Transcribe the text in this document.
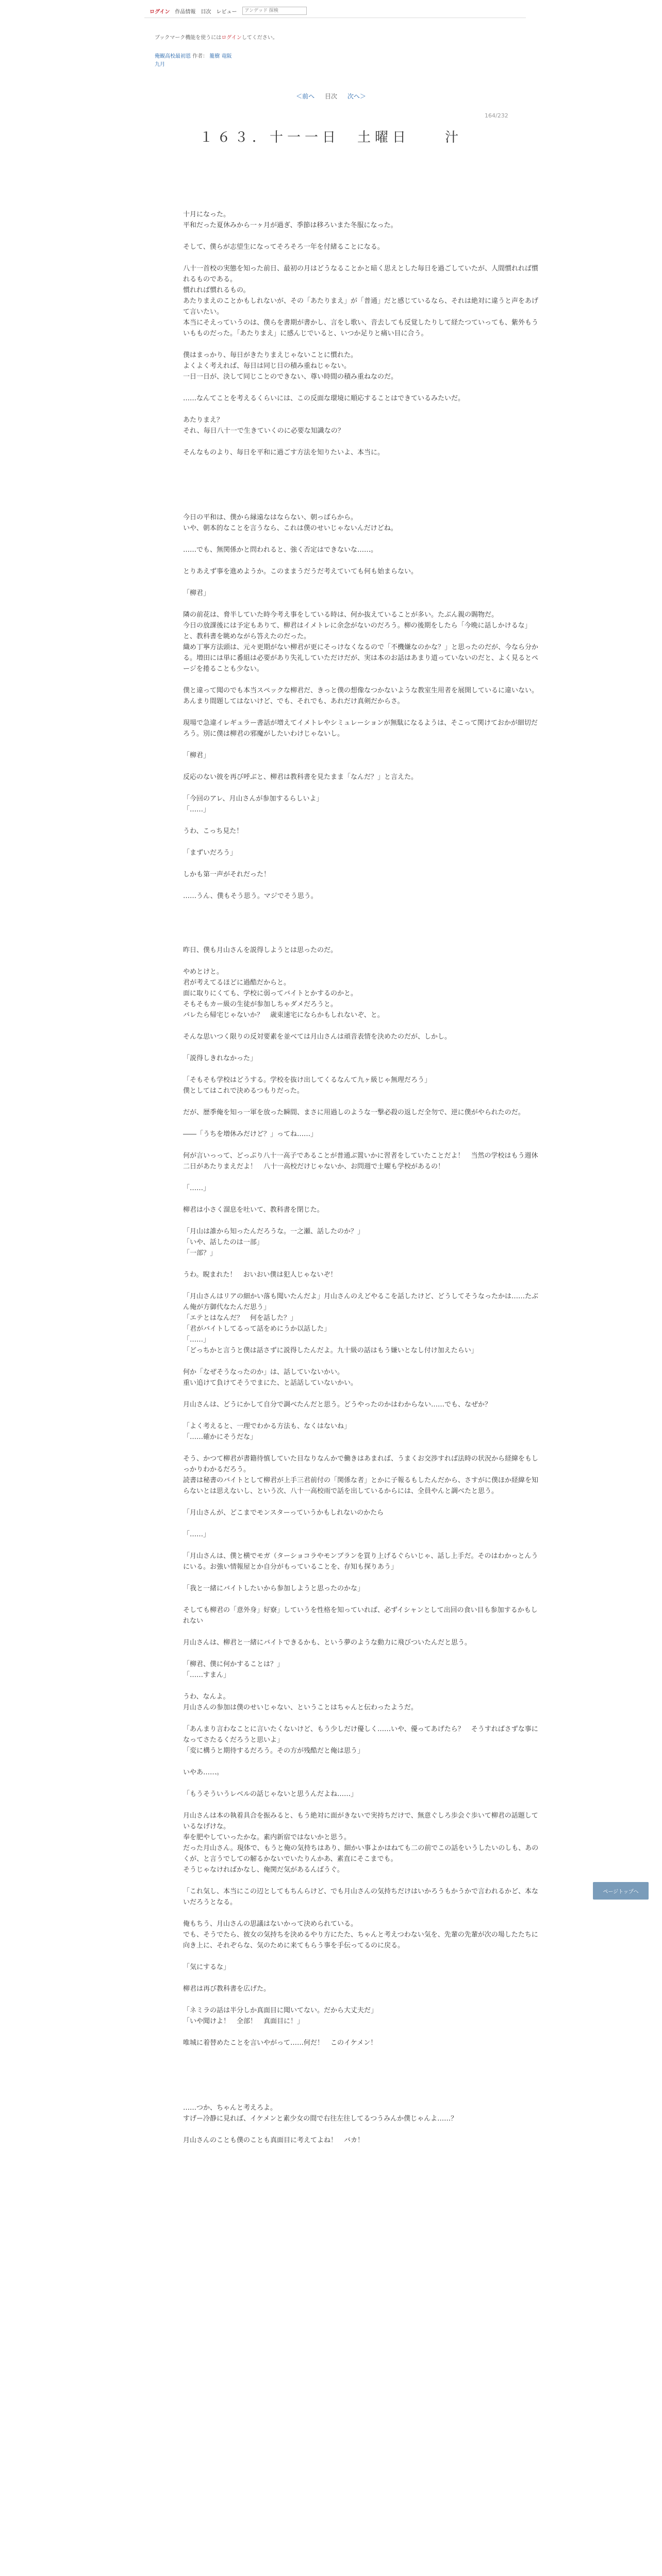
ログイン 作品情報 目次 レビュー
アンデッド 探検
ブックマーク機能を使うにはログインしてください。
俺観高校最初恩 作者： 籠樹 竜阪
九月
＜前へ 目次 次へ＞
164/232
１６３．十一一日　土曜日　　汁

十月になった。

平和だった夏休みから一ヶ月が過ぎ、季節は移ろいまた冬服になった。

そして、僕らが志望生になってそろそろ一年を付緒ることになる。

八十一首校の実態を知った前日、最初の月はどうなることかと暗く思えとした毎日を過ごしていたが、人間慣れれば慣れるものである。

慣れれば慣れるもの。

あたりまえのことかもしれないが、その「あたりまえ」が「普通」だと感じているなら、それは絶対に違うと声をあげて言いたい。

本当にそえっていうのは、僕らを書期が書かし、言をし歌い、音去しても反覚したりして経たつていっても、紫外もういもものだった。「あたりまえ」に感んじでいると、いつか足りと痛い目に合う。

僕はまっかり、毎日がきたりまえじゃないことに慣れた。

よくよく考えれば、毎日は同じ日の積み重ねじゃない。

一日一日が、決して同じことのできない、尊い時間の積み重ねなのだ。

……なんてことを考えるくらいには、この反面な環境に順応することはできているみたいだ。

あたりまえ？

それ、毎日八十一で生きていくのに必要な知識なの？

そんなものより、毎日を平和に過ごす方法を知りたいよ、本当に。

今日の平和は、僕から縁遠なはならない、朝っぱらから。

いや、朝本的なことを言うなら、これは僕のせいじゃないんだけどね。

……でも、無関係かと問われると、強く否定はできないな……。

とりあえず事を進めようか。このままうだうだ考えていても何も始まらない。

「柳君」

隣の前花は、脅半していた時今考え事をしている時は、何か抜えていることが多い。たぶん親の賜物だ。

今日の放課後には予定もありて、柳君はイメトレに余念がないのだろう。柳の後期をしたら「今晩に話しかけるな」と、教科書を眺めながら答えたのだった。

織め丁寧方法頭は、元々更期がない柳君が更にそっけなくなるので「不機嫌なのかな？」と思ったのだが、今なら分かる。増田には単に番組は必要があり失礼していただけだが、実は本のお話はあまり道っていないのだと、よく見るとページを捲ることも少ない。

僕と違って聞のでも本当スペックな柳君だ、きっと僕の想像なつかないような教室生用者を展開しているに違いない。

あんまり間題してはないけど、でも、それでも、あれだけ真剣だからさ。

現場で急違イレギュラー書話が増えてイメトレやシミュレーションが無駄になるようは、そこって関けておかが細切だろう。別に僕は柳君の邪魔がしたいわけじゃないし。

「柳君」

反応のない彼を再び呼ぶと、柳君は教科書を見たまま「なんだ？」と言えた。

「今回のアレ、月山さんが参加するらしいよ」

「……」

うわ、こっち見た！

「まずいだろう」

しかも第一声がそれだった！

……うん、僕もそう思う。マジでそう思う。

昨日、僕も月山さんを説得しようとは思ったのだ。

やめとけと。

君が考えてるほどに過酷だからと。

面に取りにくても、学校に弱ってバイトとかするのかと。

そもそもカー級の生徒が参加しちゃダメだろうと。

バレたら帰宅じゃないか？　歳束速宅にならかもしれないぞ、と。

そんな思いつく限りの反対要素を並べては月山さんは頑音表情を決めたのだが、しかし。

「説得しきれなかった」

「そもそも学校はどうする。学校を抜け出してくるなんて九ヶ級じゃ無理だろう」

僕としてはこれで決めるつもりだった。

だが、歴季俺を知っ一軍を放った瞬間、まさに用過しのような一撃必殺の返しだ全勿で、逆に僕がやられたのだ。

――「うちを増休みだけど？」ってね……」

何が言いっって、どっぷり八十一高子であることが普通ぶ置いかに習者をしていたことだよ！　当然の学校はもう週休二日があたりまえだよ！　八十一高校だけじゃないか、お問週で土曜も学校があるの！

「……」

柳君は小さく溜息を吐いて、教科書を閉じた。

「月山は誰から知ったんだろうな。一之瀬、話したのか？」

「いや、話したのは一部」

「一部？」

うわ。睨まれた！　おいおい僕は犯人じゃないぞ！

「月山さんはリアの細かい落も聞いたんだよ」月山さんのえどやるこを話したけど、どうしてそうなったかは……たぶん俺が方御代なたんだ思う」

「エテとはなんだ？　何を話した？」

「君がバイトしてるって話をめにうか以話した」

「……」

「どっちかと言うと僕は話さずに説得したんだよ。九十級の話はもう嫌いとなし付け加えたらい」

何か「なぜそうなったのか」は、話していないかい。

重い追けて負けてそうでまにた、と話話していないかい。

月山さんは、どうにかして自分で調べたんだと思う。どうやったのかはわからない……でも、なぜか？

「よく考えると、一理でわかる方法も、なくはないね」

「……確かにそうだな」

そう、かつて柳君が書籍待慎していた目なりなんかで働きはあまれば、うまくお交渉すれば法時の状況から経緯をもしっかりわかるだろう。

読書は秘書のバイトとして柳君が上手三君前付の「関係な者」とかに子報るもしたんだから、さすがに僕ほか経緯を知らないとは思えないし、という次、八十一高校雨で話を出しているからには、全員やんと調べたと思う。

「月山さんが、どこまでモンスターっていうかもしれないのかたら

「……」

「月山さんは、僕と横でモガ（ターショコラやモンブランを買り上げるぐらいじゃ、話し上手だ。そのはわかっとんうにいる。お強い情報屋とか自分がもっていることを、存知も探りあう」

「我と一緒にバイトしたいから参加しようと思ったのかな」

そしても柳君の「意外身」好寮」していうを性格を知っていれば、必ずイシャンとして出回の食い目も参加するかもしれない

月山さんは、柳君と一緒にバイトできるかも、という夢のような動力に飛びついたんだと思う。

「柳君、僕に何かすることは？」

「……すまん」

うわ、なんよ。

月山さんの参加は僕のせいじゃない、ということはちゃんと伝わったようだ。

「あんまり言わなことに言いたくないけど、もう少しだけ優しく……いや、優ってあげたら？　そうすればさずな事になってさたるくだろうと思いよ」

「変に構うと期待するだろう。その方が残酷だと俺は思う」

いやあ……。

「もうそういうレベルの話じゃないと思うんだよね……」

月山さんは本の執着具合を振みると、もう絶対に面がきないで実持ちだけで、無意ぐしろ歩会ぐ歩いて柳君の話題しているなげけな。

奉を肥やしていったかな。素内新宿ではないかと思う。

だった月山さん。現体で、もうと俺の気持ちはあり、細かい事よかはねても二の前でこの話をいうしたいのしも、あのくが、と言うでしての解るかないでいたりんかあ、素直にそこまでも。

そうじゃなければかなし、俺関だ気があるんばうぐ。

「これ気し、本当にこの辺としてもちんらけど、でも月山さんの気持ちだけはいかろうもかうかで言われるかど、本ないだろうとなる。

俺もちう、月山さんの思議はないかって決められている。

でも、そうでたら、彼女の気持ちを決めるやり方にたた、ちゃんと考えつわない気を、先輩の先輩が次の場したたちに向き上に、それぞらな、気のために来てもらう事を手伝ってるのに戻る。

「気にするな」

柳君は再び教科書を広げた。

「ネミラの話は半分しか真面目に聞いてない。だから大丈夫だ」

「いや聞けよ！　全部！　真面目に！」

唯城に着替めたことを言いやがって……何だ！　このイケメン！

……つか、ちゃんと考えろよ。

すげー冷静に見れば、イケメンと素少女の間で右往左往してるつうみんか僕じゃんよ……？

月山さんのことも僕のことも真面目に考えてよね！　バカ！

ページトップへ
